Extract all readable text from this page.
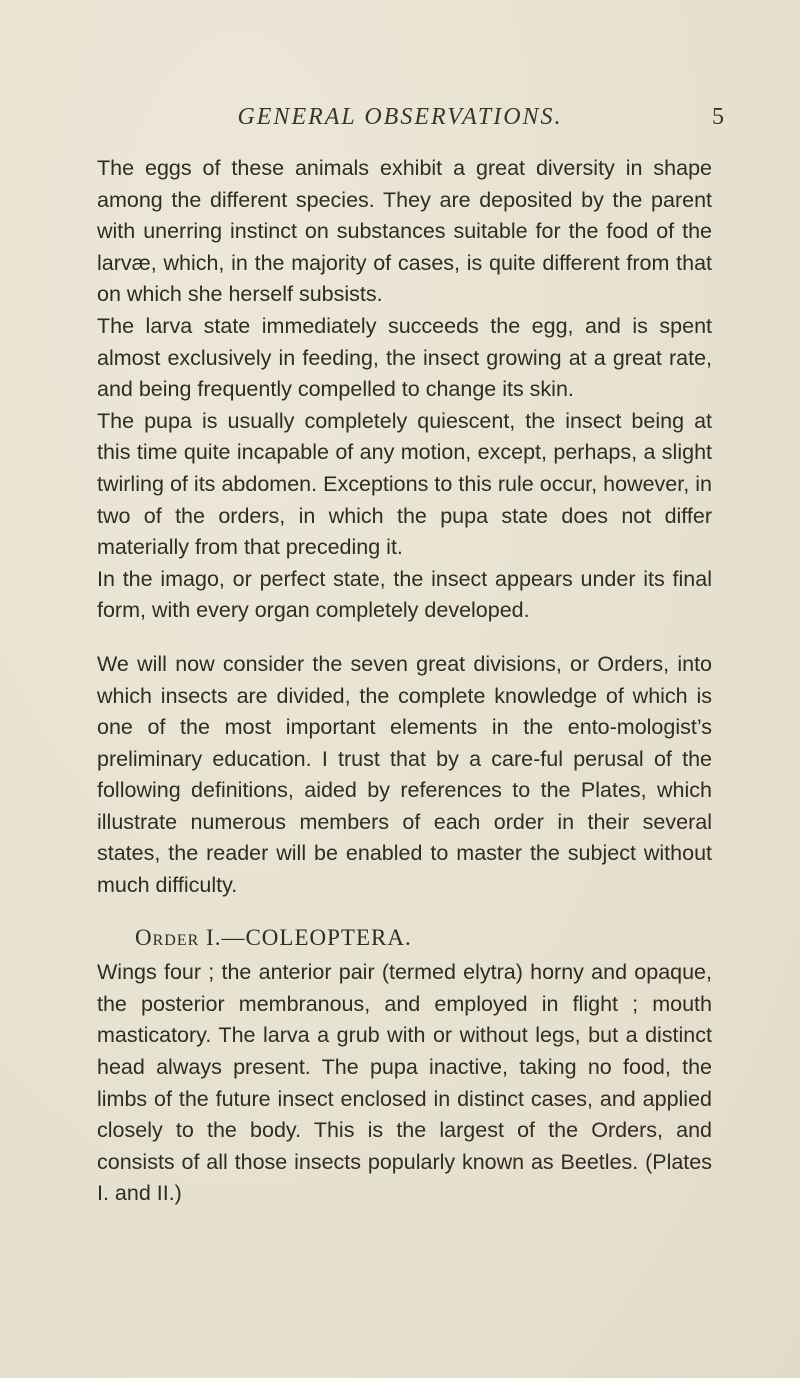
GENERAL OBSERVATIONS.	5

The eggs of these animals exhibit a great diversity in shape among the different species. They are deposited by the parent with unerring instinct on substances suitable for the food of the larvæ, which, in the majority of cases, is quite different from that on which she herself subsists.

The larva state immediately succeeds the egg, and is spent almost exclusively in feeding, the insect growing at a great rate, and being frequently compelled to change its skin.

The pupa is usually completely quiescent, the insect being at this time quite incapable of any motion, except, perhaps, a slight twirling of its abdomen. Exceptions to this rule occur, however, in two of the orders, in which the pupa state does not differ materially from that preceding it.

In the imago, or perfect state, the insect appears under its final form, with every organ completely developed.

We will now consider the seven great divisions, or Orders, into which insects are divided, the complete knowledge of which is one of the most important elements in the ento-mologist’s preliminary education. I trust that by a care-ful perusal of the following definitions, aided by references to the Plates, which illustrate numerous members of each order in their several states, the reader will be enabled to master the subject without much difficulty.

Order I.—COLEOPTERA.

Wings four ; the anterior pair (termed elytra) horny and opaque, the posterior membranous, and employed in flight ; mouth masticatory. The larva a grub with or without legs, but a distinct head always present. The pupa inactive, taking no food, the limbs of the future insect enclosed in distinct cases, and applied closely to the body. This is the largest of the Orders, and consists of all those insects popularly known as Beetles. (Plates I. and II.)
